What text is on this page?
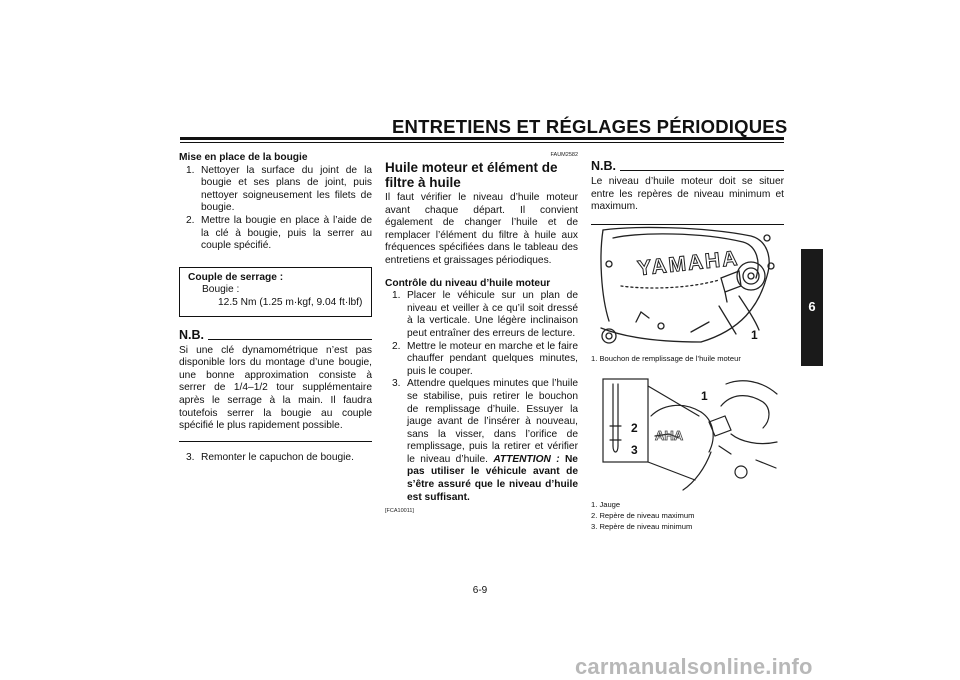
ENTRETIENS ET RÉGLAGES PÉRIODIQUES
6
Mise en place de la bougie
1. Nettoyer la surface du joint de la bougie et ses plans de joint, puis nettoyer soigneusement les filets de bougie.
2. Mettre la bougie en place à l’aide de la clé à bougie, puis la serrer au couple spécifié.
Couple de serrage :
Bougie :
12.5 Nm (1.25 m·kgf, 9.04 ft·lbf)
N.B.
Si une clé dynamométrique n’est pas disponible lors du montage d’une bougie, une bonne approximation consiste à serrer de 1/4–1/2 tour supplémentaire après le serrage à la main. Il faudra toutefois serrer la bougie au couple spécifié le plus rapidement possible.
3. Remonter le capuchon de bougie.
FAUM2582
Huile moteur et élément de filtre à huile
Il faut vérifier le niveau d’huile moteur avant chaque départ. Il convient également de changer l’huile et de remplacer l’élément du filtre à huile aux fréquences spécifiées dans le tableau des entretiens et graissages périodiques.
Contrôle du niveau d’huile moteur
1. Placer le véhicule sur un plan de niveau et veiller à ce qu’il soit dressé à la verticale. Une légère inclinaison peut entraîner des erreurs de lecture.
2. Mettre le moteur en marche et le faire chauffer pendant quelques minutes, puis le couper.
3. Attendre quelques minutes que l’huile se stabilise, puis retirer le bouchon de remplissage d’huile. Essuyer la jauge avant de l’insérer à nouveau, sans la visser, dans l’orifice de remplissage, puis la retirer et vérifier le niveau d’huile. ATTENTION : Ne pas utiliser le véhicule avant de s’être assuré que le niveau d’huile est suffisant.
[FCA10011]
N.B.
Le niveau d’huile moteur doit se situer entre les repères de niveau minimum et maximum.
YAMAHA
1
1. Bouchon de remplissage de l’huile moteur
AHA
2
3
1
1. Jauge
2. Repère de niveau maximum
3. Repère de niveau minimum
6-9
carmanualsonline.info
